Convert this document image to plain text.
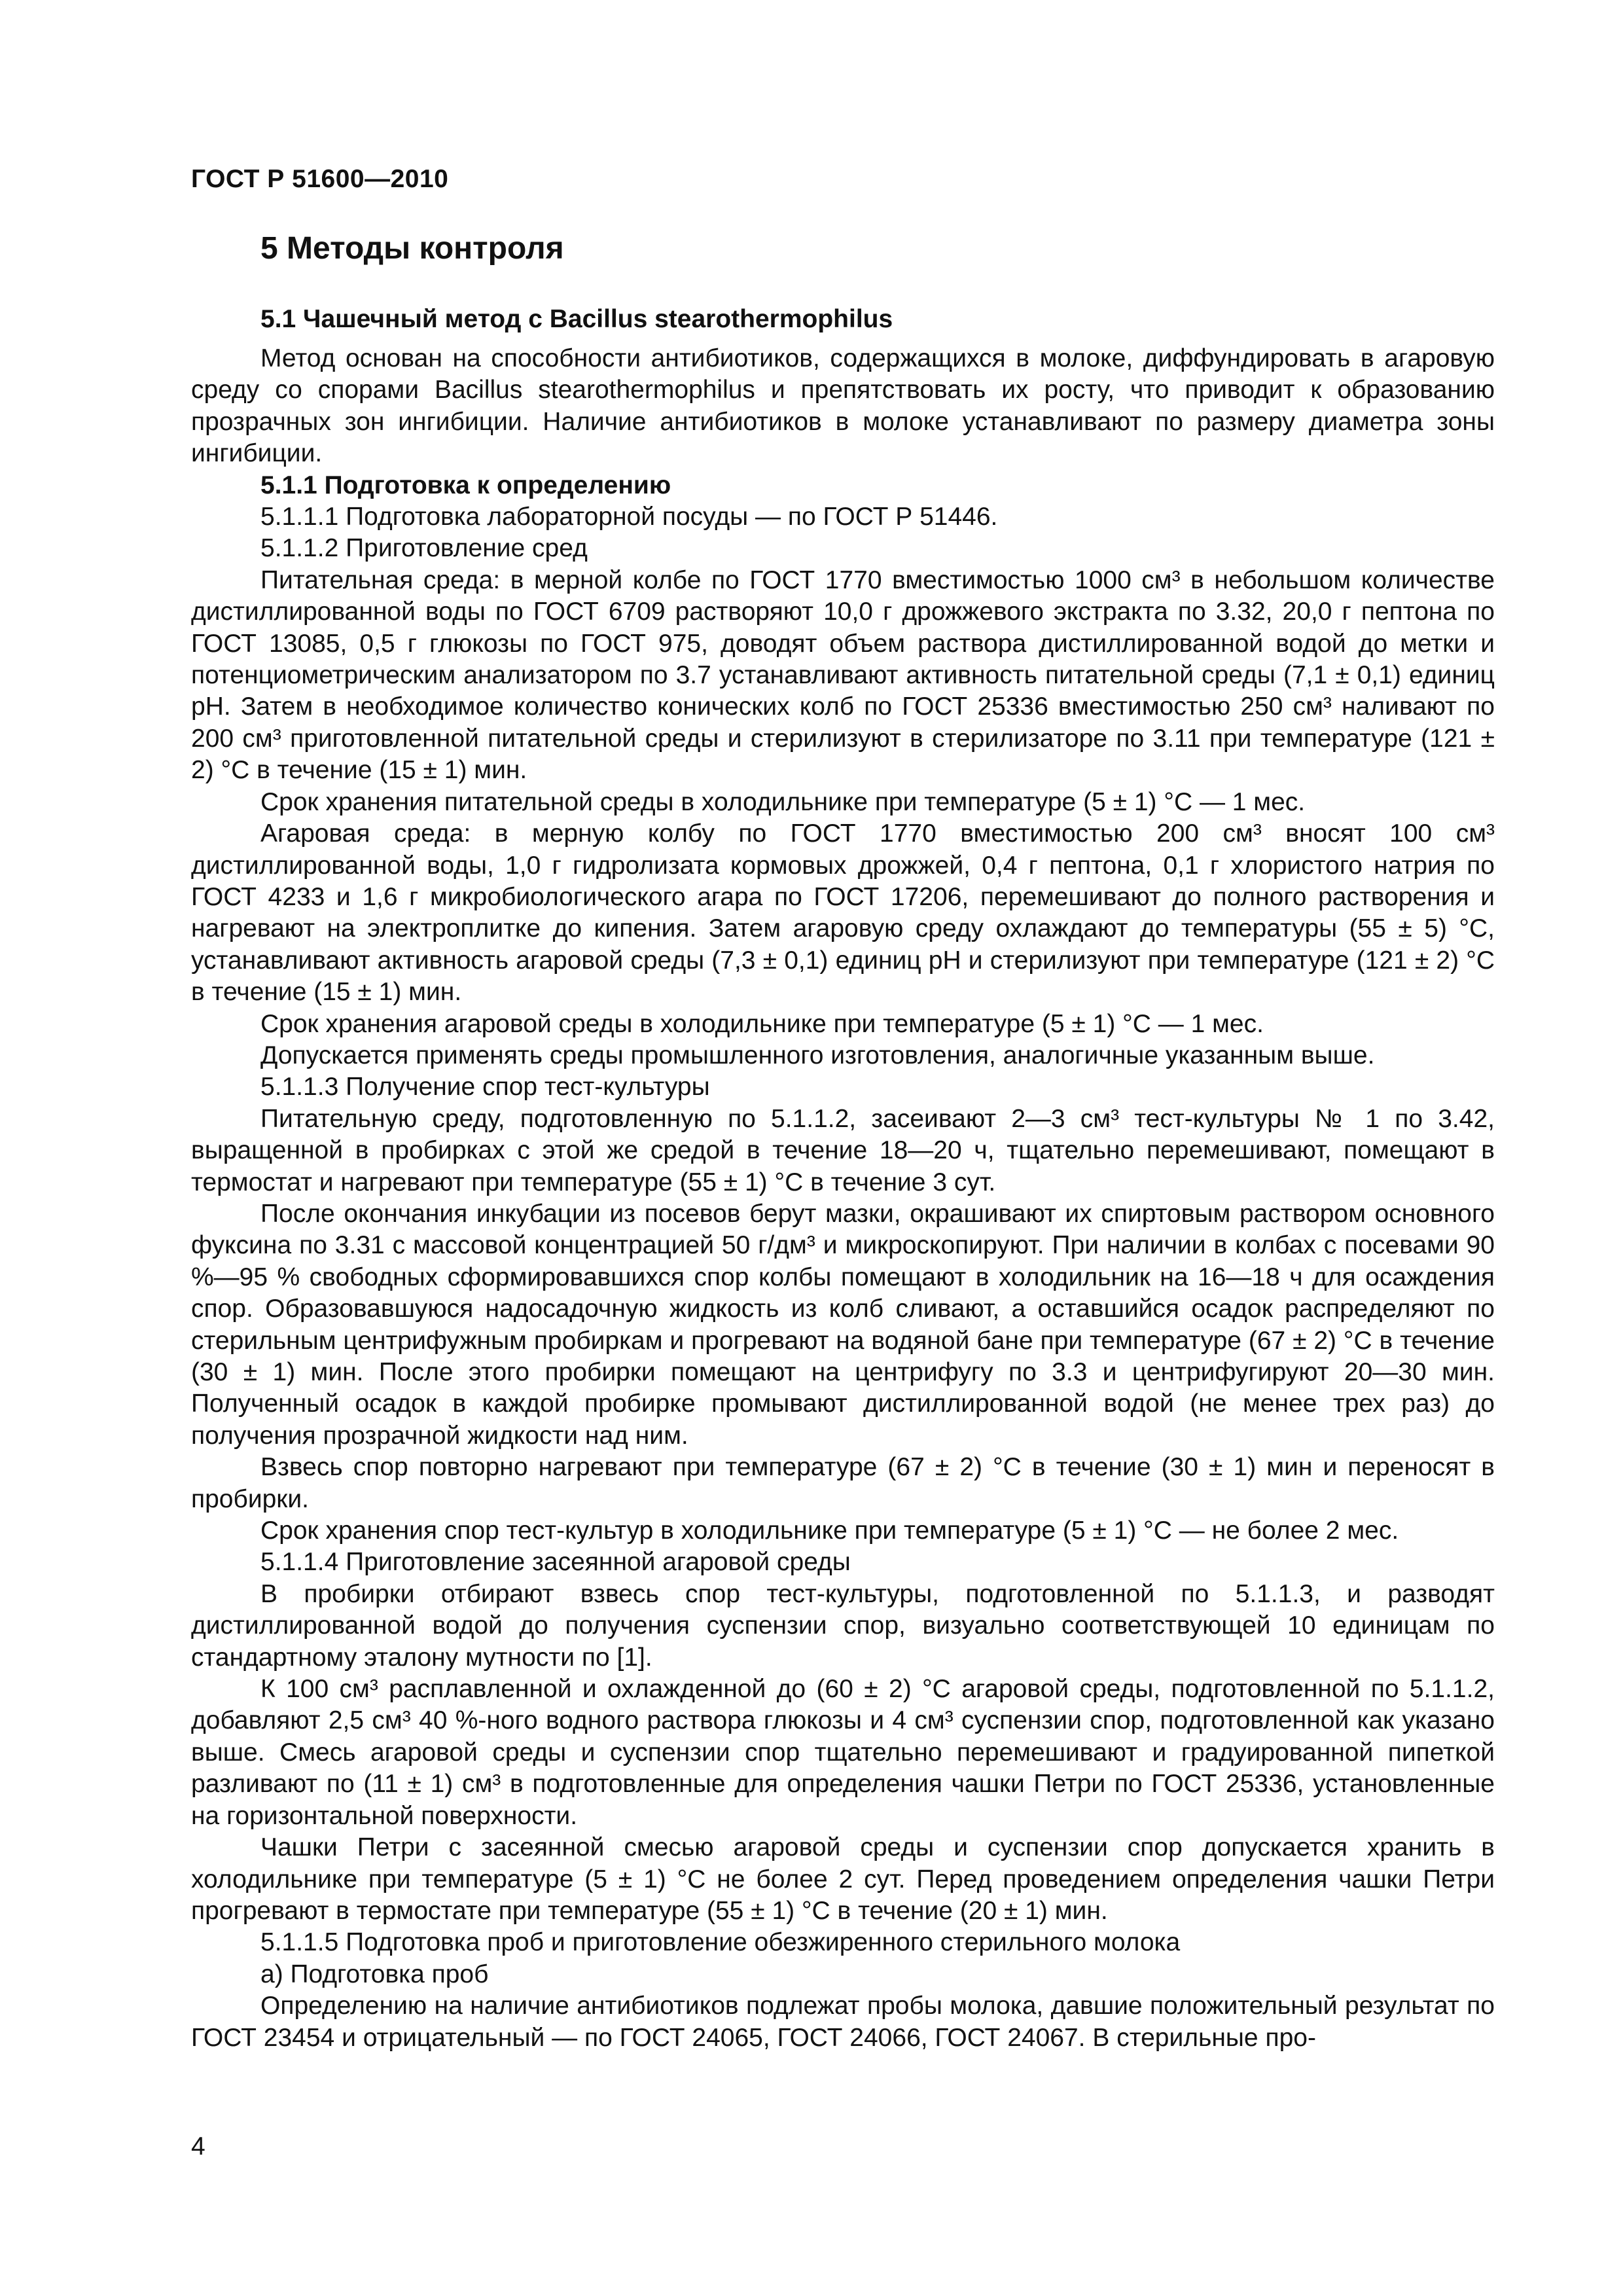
ГОСТ Р 51600—2010
5 Методы контроля
5.1 Чашечный метод с Bacillus stearothermophilus

Метод основан на способности антибиотиков, содержащихся в молоке, диффундировать в агаровую среду со спорами Bacillus stearothermophilus и препятствовать их росту, что приводит к образованию прозрачных зон ингибиции. Наличие антибиотиков в молоке устанавливают по размеру диаметра зоны ингибиции.

5.1.1 Подготовка к определению

5.1.1.1 Подготовка лабораторной посуды — по ГОСТ Р 51446.

5.1.1.2 Приготовление сред

Питательная среда: в мерной колбе по ГОСТ 1770 вместимостью 1000 см³ в небольшом количестве дистиллированной воды по ГОСТ 6709 растворяют 10,0 г дрожжевого экстракта по 3.32, 20,0 г пептона по ГОСТ 13085, 0,5 г глюкозы по ГОСТ 975, доводят объем раствора дистиллированной водой до метки и потенциометрическим анализатором по 3.7 устанавливают активность питательной среды (7,1 ± 0,1) единиц pH. Затем в необходимое количество конических колб по ГОСТ 25336 вместимостью 250 см³ наливают по 200 см³ приготовленной питательной среды и стерилизуют в стерилизаторе по 3.11 при температуре (121 ± 2) °С в течение (15 ± 1) мин.

Срок хранения питательной среды в холодильнике при температуре (5 ± 1) °С — 1 мес.

Агаровая среда: в мерную колбу по ГОСТ 1770 вместимостью 200 см³ вносят 100 см³ дистиллированной воды, 1,0 г гидролизата кормовых дрожжей, 0,4 г пептона, 0,1 г хлористого натрия по ГОСТ 4233 и 1,6 г микробиологического агара по ГОСТ 17206, перемешивают до полного растворения и нагревают на электроплитке до кипения. Затем агаровую среду охлаждают до температуры (55 ± 5) °С, устанавливают активность агаровой среды (7,3 ± 0,1) единиц pH и стерилизуют при температуре (121 ± 2) °С в течение (15 ± 1) мин.

Срок хранения агаровой среды в холодильнике при температуре (5 ± 1) °С — 1 мес.

Допускается применять среды промышленного изготовления, аналогичные указанным выше.

5.1.1.3 Получение спор тест-культуры

Питательную среду, подготовленную по 5.1.1.2, засеивают 2—3 см³ тест-культуры № 1 по 3.42, выращенной в пробирках с этой же средой в течение 18—20 ч, тщательно перемешивают, помещают в термостат и нагревают при температуре (55 ± 1) °С в течение 3 сут.

После окончания инкубации из посевов берут мазки, окрашивают их спиртовым раствором основного фуксина по 3.31 с массовой концентрацией 50 г/дм³ и микроскопируют. При наличии в колбах с посевами 90 %—95 % свободных сформировавшихся спор колбы помещают в холодильник на 16—18 ч для осаждения спор. Образовавшуюся надосадочную жидкость из колб сливают, а оставшийся осадок распределяют по стерильным центрифужным пробиркам и прогревают на водяной бане при температуре (67 ± 2) °С в течение (30 ± 1) мин. После этого пробирки помещают на центрифугу по 3.3 и центрифугируют 20—30 мин. Полученный осадок в каждой пробирке промывают дистиллированной водой (не менее трех раз) до получения прозрачной жидкости над ним.

Взвесь спор повторно нагревают при температуре (67 ± 2) °С в течение (30 ± 1) мин и переносят в пробирки.

Срок хранения спор тест-культур в холодильнике при температуре (5 ± 1) °С — не более 2 мес.

5.1.1.4 Приготовление засеянной агаровой среды

В пробирки отбирают взвесь спор тест-культуры, подготовленной по 5.1.1.3, и разводят дистиллированной водой до получения суспензии спор, визуально соответствующей 10 единицам по стандартному эталону мутности по [1].

К 100 см³ расплавленной и охлажденной до (60 ± 2) °С агаровой среды, подготовленной по 5.1.1.2, добавляют 2,5 см³ 40 %-ного водного раствора глюкозы и 4 см³ суспензии спор, подготовленной как указано выше. Смесь агаровой среды и суспензии спор тщательно перемешивают и градуированной пипеткой разливают по (11 ± 1) см³ в подготовленные для определения чашки Петри по ГОСТ 25336, установленные на горизонтальной поверхности.

Чашки Петри с засеянной смесью агаровой среды и суспензии спор допускается хранить в холодильнике при температуре (5 ± 1) °С не более 2 сут. Перед проведением определения чашки Петри прогревают в термостате при температуре (55 ± 1) °С в течение (20 ± 1) мин.

5.1.1.5 Подготовка проб и приготовление обезжиренного стерильного молока

а) Подготовка проб

Определению на наличие антибиотиков подлежат пробы молока, давшие положительный результат по ГОСТ 23454 и отрицательный — по ГОСТ 24065, ГОСТ 24066, ГОСТ 24067. В стерильные про-

4
